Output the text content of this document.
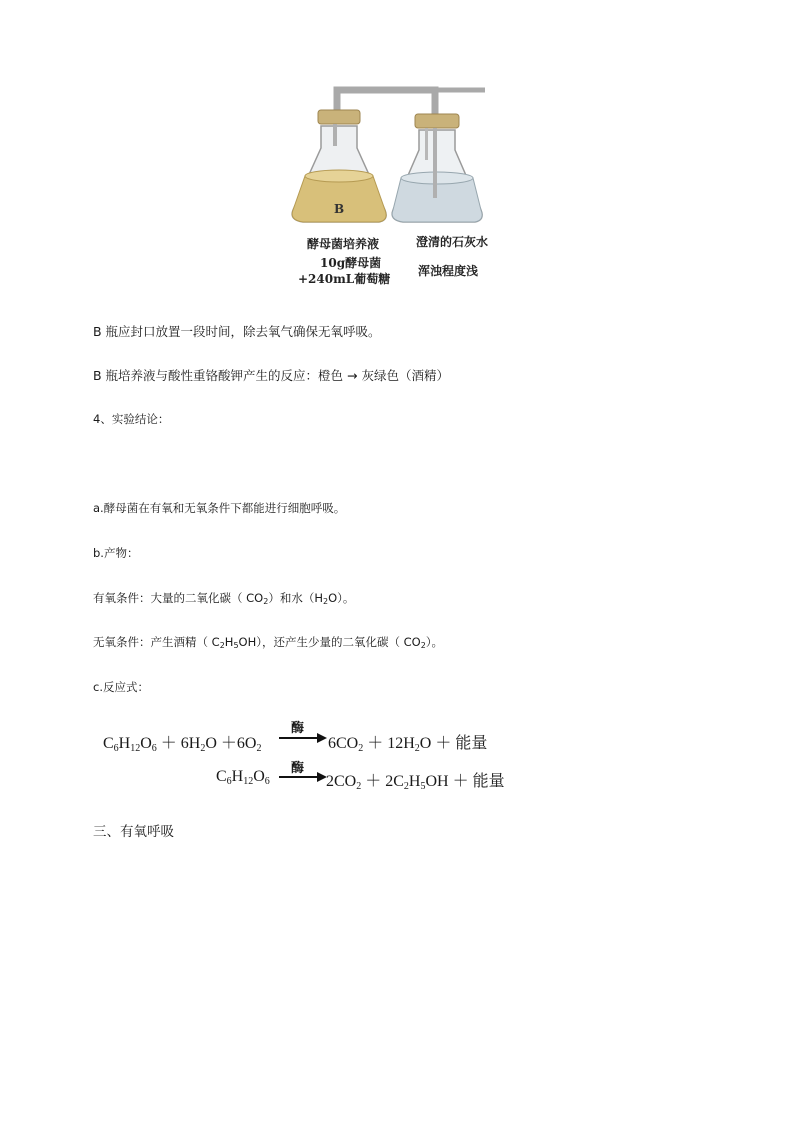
B
酵母菌培养液	澄清的石灰水
10g酵母菌
+240mL葡萄糖
浑浊程度浅
B 瓶应封口放置一段时间，除去氧气确保无氧呼吸。
B 瓶培养液与酸性重铬酸钾产生的反应：橙色 → 灰绿色（酒精）
4、实验结论：
a.酵母菌在有氧和无氧条件下都能进行细胞呼吸。
b.产物：
有氧条件：大量的二氧化碳（ $CO_2$）和水$(H_2O)$。
无氧条件：产生酒精（ $C_2H_5OH$），还产生少量的二氧化碳（ $CO_2$）。
c.反应式：
$C_6H_{12}O_6 + 6H_2O +6O_2$
酶
→ $6CO_2 + 12H_2O$ ＋ 能量
$C_6H_{12}O_6$
酶
→ $2CO_2 + 2C_2H_5OH$ ＋ 能量
三、有氧呼吸
